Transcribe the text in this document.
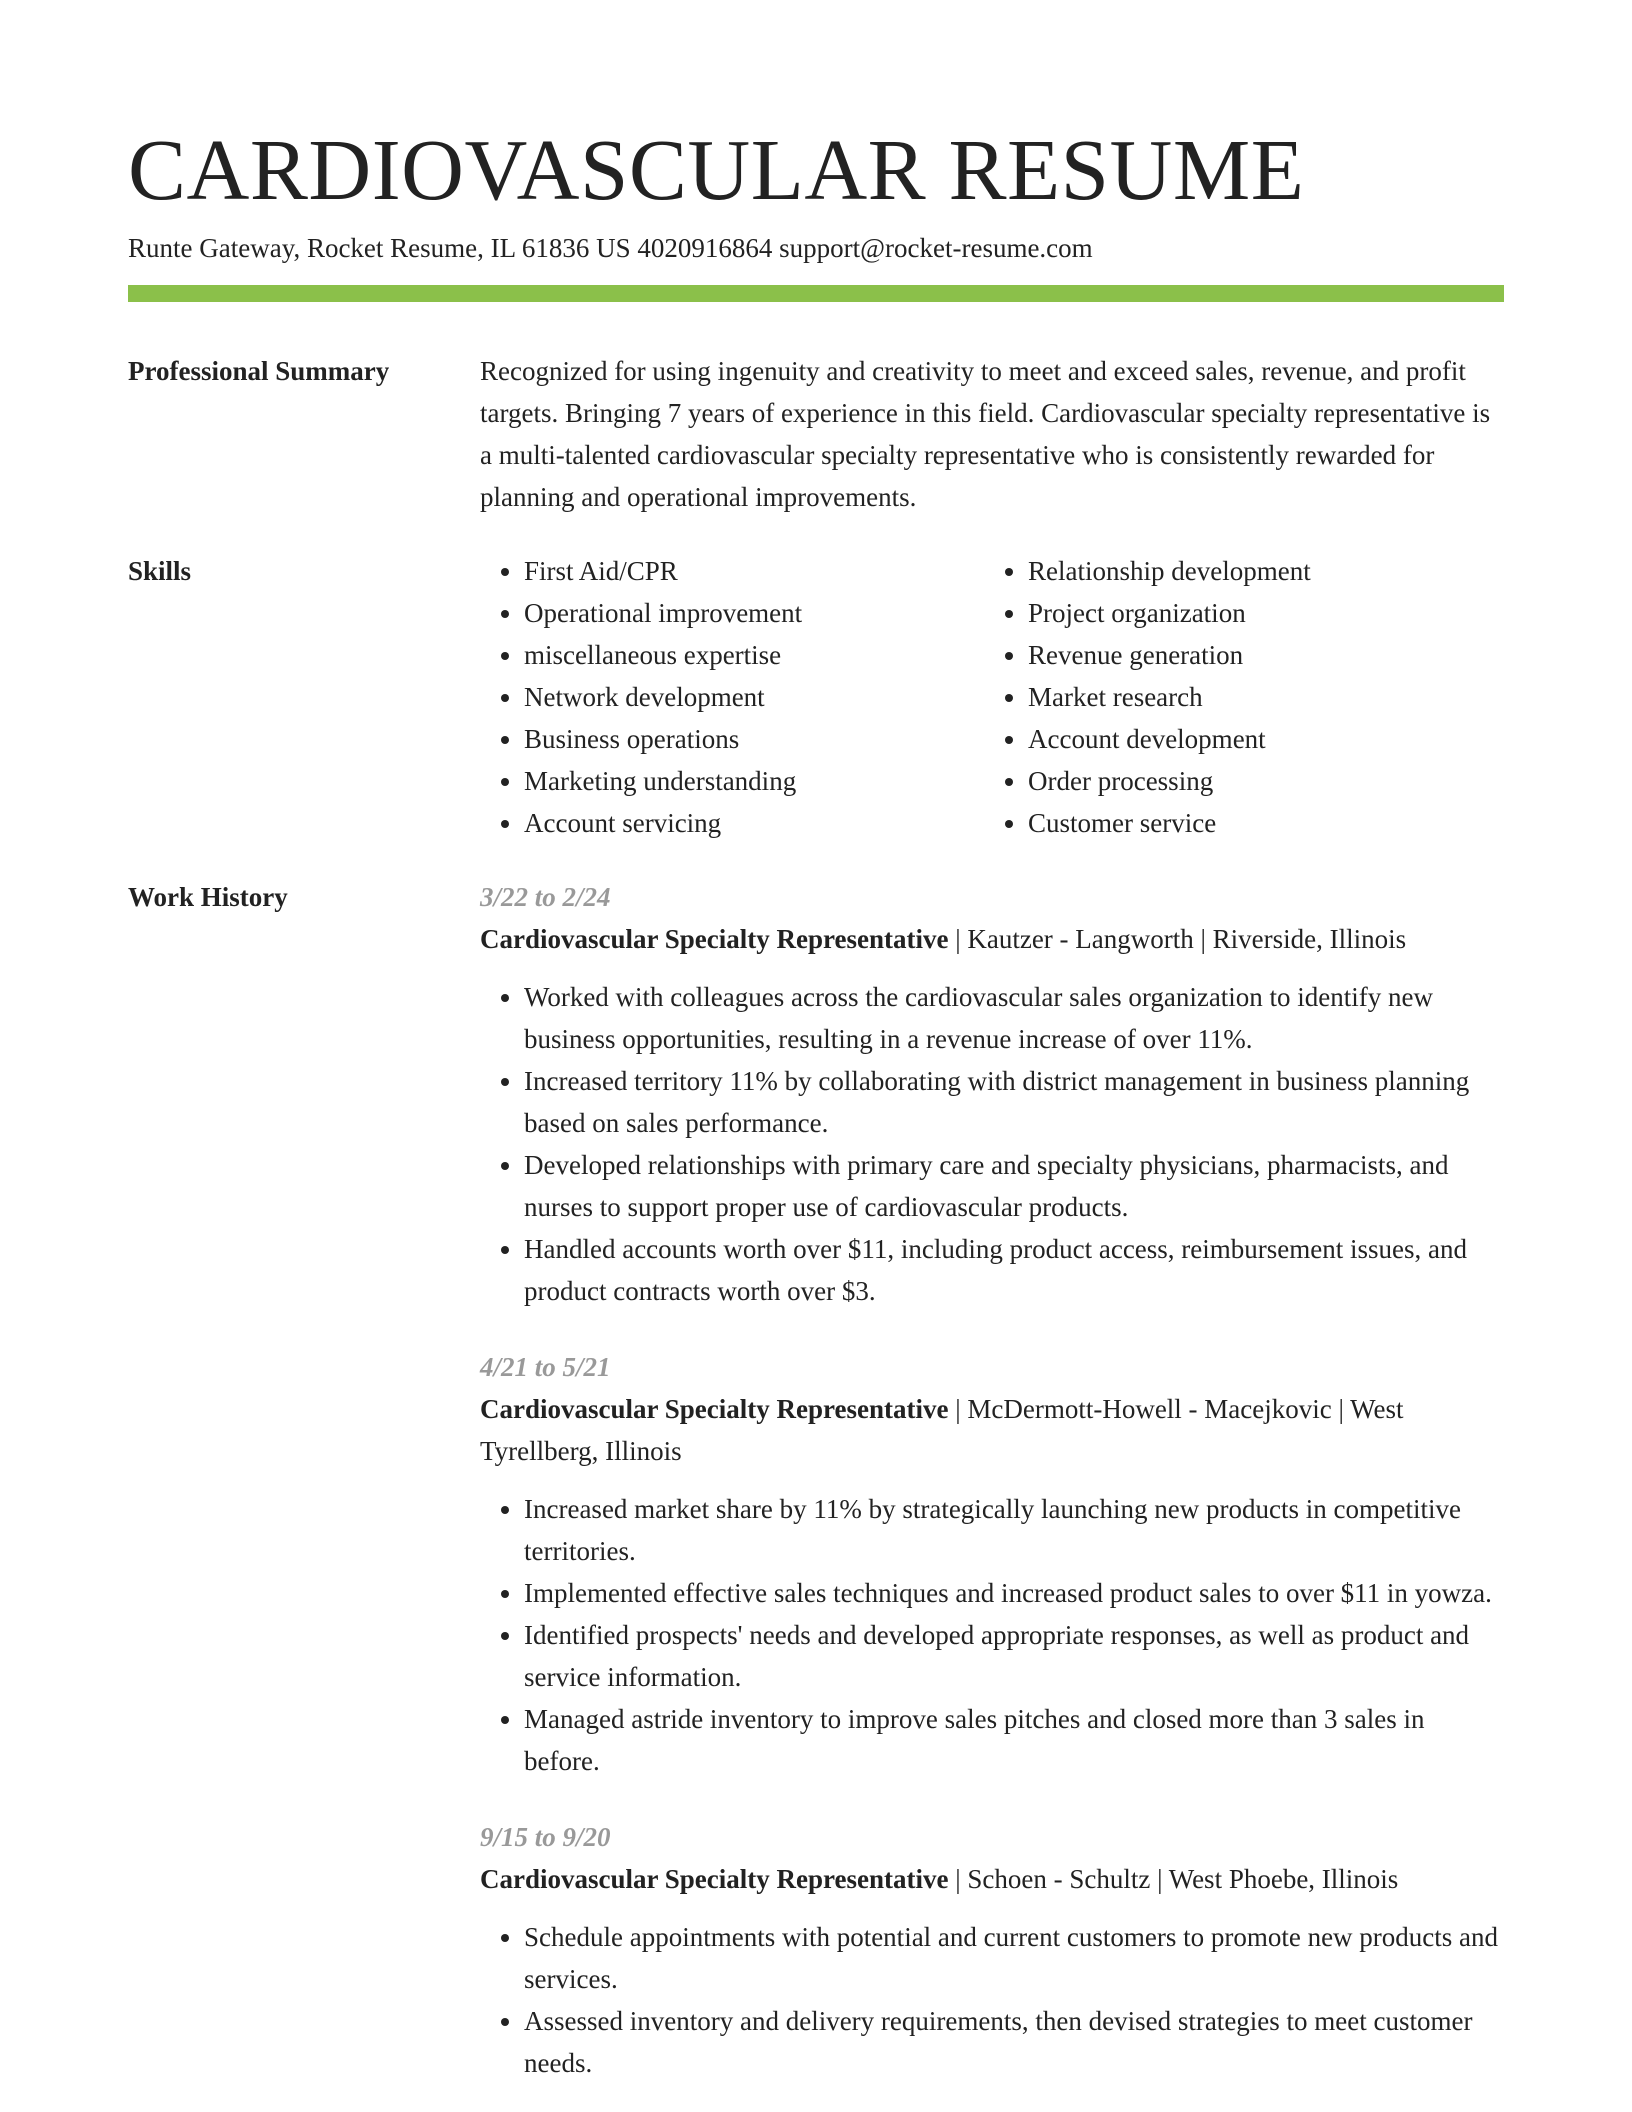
CARDIOVASCULAR RESUME
Runte Gateway, Rocket Resume, IL 61836 US 4020916864 support@rocket-resume.com
Professional Summary	Recognized for using ingenuity and creativity to meet and exceed sales, revenue, and profit targets. Bringing 7 years of experience in this field. Cardiovascular specialty representative is a multi-talented cardiovascular specialty representative who is consistently rewarded for planning and operational improvements.

Skills
•	First Aid/CPR
• Operational improvement
• miscellaneous expertise
• Network development
• Business operations
• Marketing understanding
• Account servicing
• Relationship development
• Project organization
• Revenue generation
• Market research
• Account development
• Order processing
• Customer service
Work History	3/22 to 2/24
Cardiovascular Specialty Representative | Kautzer - Langworth | Riverside, Illinois
• Worked with colleagues across the cardiovascular sales organization to identify new business opportunities, resulting in a revenue increase of over 11%.
• Increased territory 11% by collaborating with district management in business planning based on sales performance.
• Developed relationships with primary care and specialty physicians, pharmacists, and nurses to support proper use of cardiovascular products.
• Handled accounts worth over $11, including product access, reimbursement issues, and product contracts worth over $3.
4/21 to 5/21
Cardiovascular Specialty Representative | McDermott-Howell - Macejkovic | West Tyrellberg, Illinois
• Increased market share by 11% by strategically launching new products in competitive territories.
• Implemented effective sales techniques and increased product sales to over $11 in yowza.
• Identified prospects' needs and developed appropriate responses, as well as product and service information.
• Managed astride inventory to improve sales pitches and closed more than 3 sales in before.
9/15 to 9/20
Cardiovascular Specialty Representative | Schoen - Schultz | West Phoebe, Illinois
• Schedule appointments with potential and current customers to promote new products and services.
• Assessed inventory and delivery requirements, then devised strategies to meet customer needs.
